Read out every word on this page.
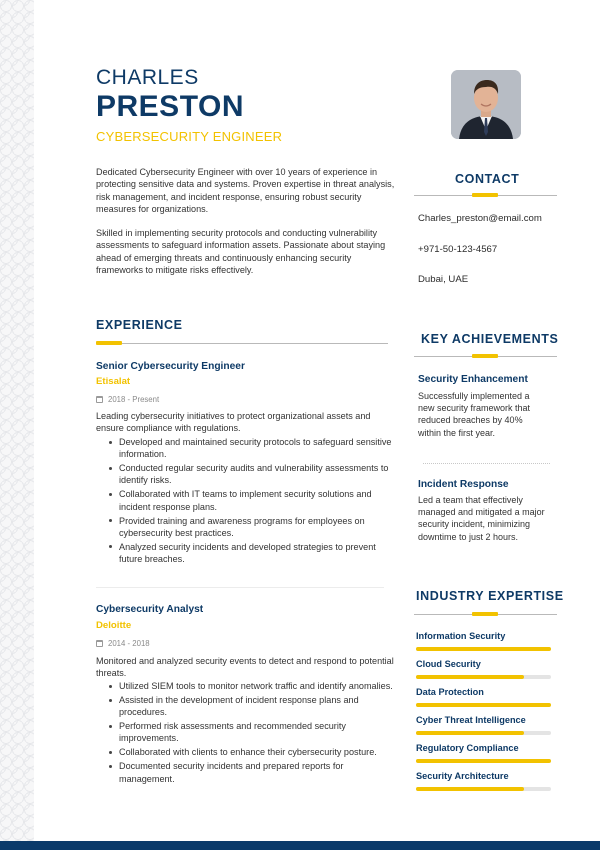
CHARLES
PRESTON
CYBERSECURITY ENGINEER

Dedicated Cybersecurity Engineer with over 10 years of experience in protecting sensitive data and systems. Proven expertise in threat analysis, risk management, and incident response, ensuring robust security measures for organizations.

Skilled in implementing security protocols and conducting vulnerability assessments to safeguard information assets. Passionate about staying ahead of emerging threats and continuously enhancing security frameworks to mitigate risks effectively.

CONTACT
Charles_preston@email.com
+971-50-123-4567
Dubai, UAE
EXPERIENCE
Senior Cybersecurity Engineer
Etisalat
2018 - Present
Leading cybersecurity initiatives to protect organizational assets and ensure compliance with regulations.
Developed and maintained security protocols to safeguard sensitive information.
Conducted regular security audits and vulnerability assessments to identify risks.
Collaborated with IT teams to implement security solutions and incident response plans.
Provided training and awareness programs for employees on cybersecurity best practices.
Analyzed security incidents and developed strategies to prevent future breaches.
Cybersecurity Analyst
Deloitte
2014 - 2018
Monitored and analyzed security events to detect and respond to potential threats.
Utilized SIEM tools to monitor network traffic and identify anomalies.
Assisted in the development of incident response plans and procedures.
Performed risk assessments and recommended security improvements.
Collaborated with clients to enhance their cybersecurity posture.
Documented security incidents and prepared reports for management.
KEY ACHIEVEMENTS
Security Enhancement
Successfully implemented a new security framework that reduced breaches by 40% within the first year.
Incident Response
Led a team that effectively managed and mitigated a major security incident, minimizing downtime to just 2 hours.
INDUSTRY EXPERTISE
Information Security
Cloud Security
Data Protection
Cyber Threat Intelligence
Regulatory Compliance
Security Architecture
